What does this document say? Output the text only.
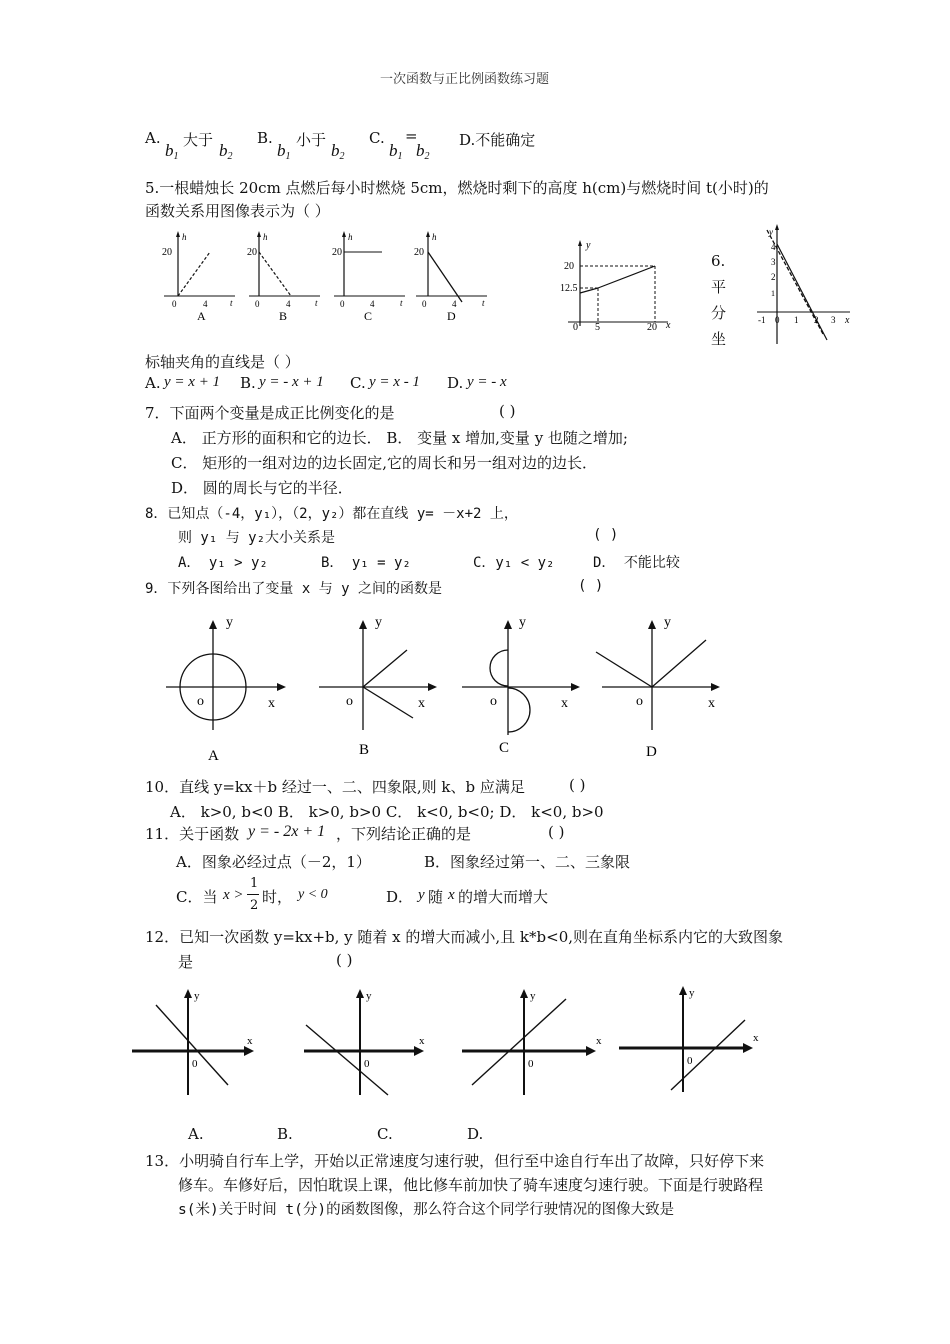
一次函数与正比例函数练习题
A.
$b_1$
大于
$b_2$
B.
$b_1$
小于
$b_2$
C.
$b_1$
=
$b_2$
D.不能确定
5.一根蜡烛长 20cm 点燃后每小时燃烧 5cm，燃烧时剩下的高度 h(cm)与燃烧时间 t(小时)的
函数关系用图像表示为（ ）
20
h
0	4	t
A
20
h
0	4	t
B
20
h
0	4	t
C
20
h
0	4	t
D
y
20
12.5
0 5	20 x
6.
平
分
坐
y
4
3
2
1
-1 0 1 2 3 x
标轴夹角的直线是（ ）
A. y = x + 1 B. y = - x + 1 C. y = x - 1 D. y = - x
7．下面两个变量是成正比例变化的是	( )
A． 正方形的面积和它的边长． B． 变量 x 增加,变量 y 也随之增加;
C． 矩形的一组对边的边长固定,它的周长和另一组对边的边长．
D． 圆的周长与它的半径．
8．已知点（-4，y₁），（2，y₂）都在直线 y= －x+2 上，
则 y₁ 与 y₂大小关系是	( )
A． y₁ > y₂	B． y₁ = y₂	C．y₁ < y₂	D． 不能比较
9．下列各图给出了变量 x 与 y 之间的函数是	( )
y
x
o
A
y
x
o
B
y
x
o
C
y
x
o
D
10．直线 y=kx＋b 经过一、二、四象限,则 k、b 应满足	( )
A． k>0, b<0 B． k>0, b>0 C． k<0, b<0; D． k<0, b>0
11．关于函数 y = - 2x + 1 ，下列结论正确的是	( )
A．图象必经过点（－2，1）	B．图象经过第一、二、三象限
C．当 x >
1
2 时， y < 0	D． y 随 x 的增大而增大
12．已知一次函数 y=kx+b, y 随着 x 的增大而减小,且 k*b<0,则在直角坐标系内它的大致图象
是	( )
y
x
0
y
x
0
y
x
0
y
x
0
A.	B.	C.	D.
13．小明骑自行车上学，开始以正常速度匀速行驶，但行至中途自行车出了故障，只好停下来
修车。车修好后，因怕耽误上课，他比修车前加快了骑车速度匀速行驶。下面是行驶路程
s(米)关于时间 t(分)的函数图像，那么符合这个同学行驶情况的图像大致是
